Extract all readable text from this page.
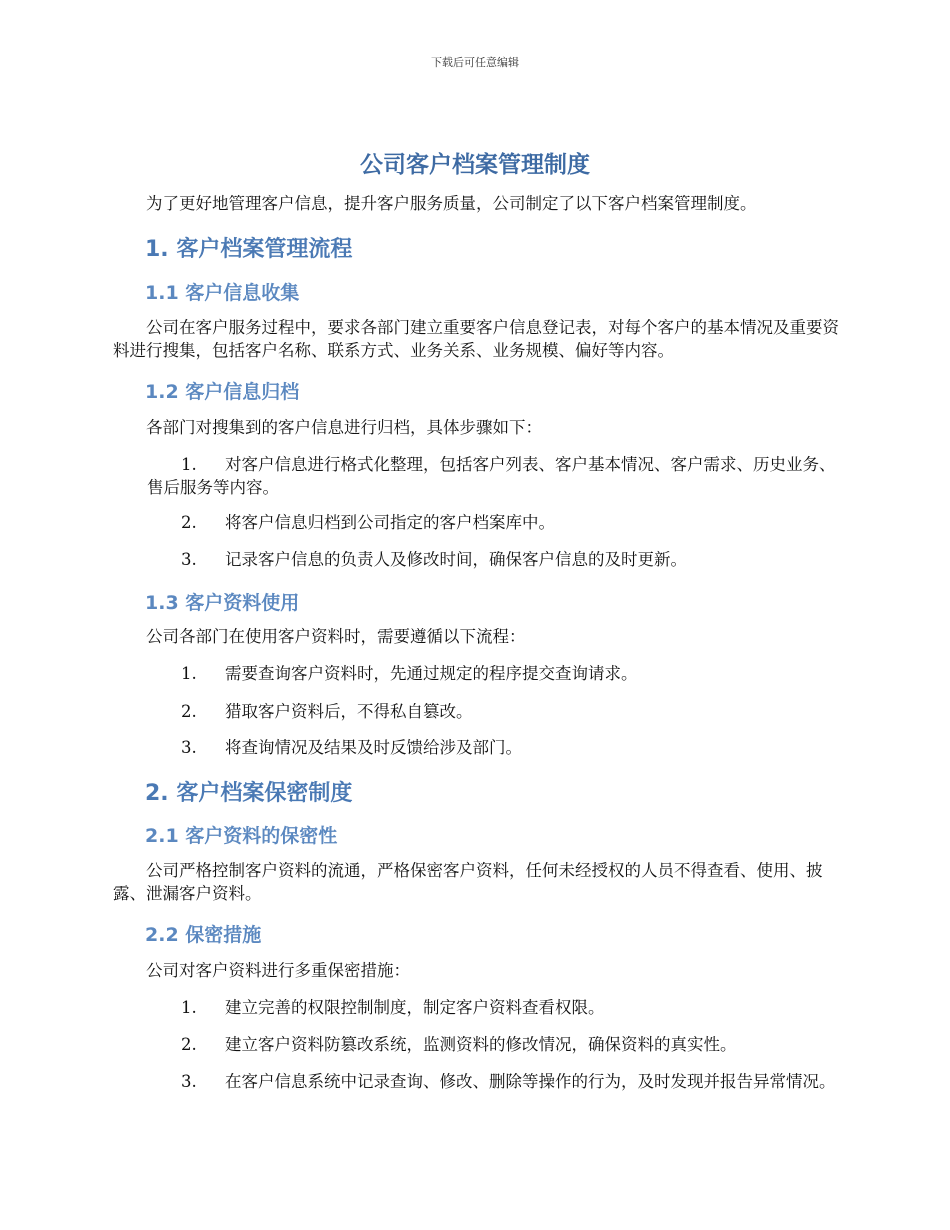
下载后可任意编辑
公司客户档案管理制度

为了更好地管理客户信息，提升客户服务质量，公司制定了以下客户档案管理制度。

1. 客户档案管理流程
1.1 客户信息收集

公司在客户服务过程中，要求各部门建立重要客户信息登记表，对每个客户的基本情况及重要资料进行搜集，包括客户名称、联系方式、业务关系、业务规模、偏好等内容。

1.2 客户信息归档

各部门对搜集到的客户信息进行归档，具体步骤如下：

1. 对客户信息进行格式化整理，包括客户列表、客户基本情况、客户需求、历史业务、售后服务等内容。
2. 将客户信息归档到公司指定的客户档案库中。
3. 记录客户信息的负责人及修改时间，确保客户信息的及时更新。
1.3 客户资料使用

公司各部门在使用客户资料时，需要遵循以下流程：

1. 需要查询客户资料时，先通过规定的程序提交查询请求。
2. 猎取客户资料后，不得私自篡改。
3. 将查询情况及结果及时反馈给涉及部门。
2. 客户档案保密制度
2.1 客户资料的保密性

公司严格控制客户资料的流通，严格保密客户资料，任何未经授权的人员不得查看、使用、披露、泄漏客户资料。

2.2 保密措施

公司对客户资料进行多重保密措施：

1. 建立完善的权限控制制度，制定客户资料查看权限。
2. 建立客户资料防篡改系统，监测资料的修改情况，确保资料的真实性。
3. 在客户信息系统中记录查询、修改、删除等操作的行为，及时发现并报告异常情况。
